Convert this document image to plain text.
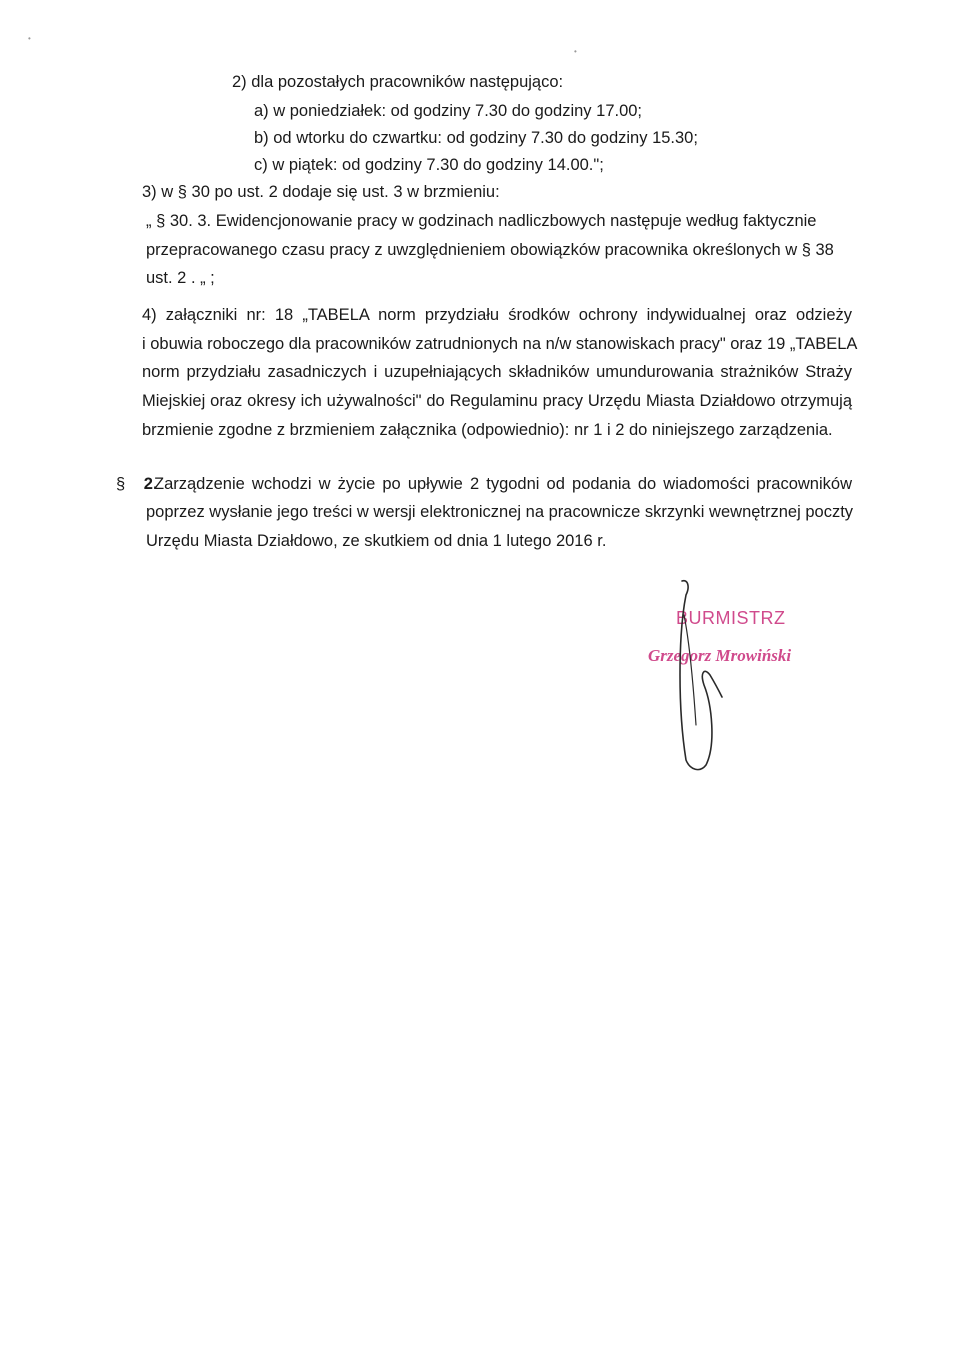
•
•
2) dla pozostałych pracowników następująco:
a) w poniedziałek: od godziny 7.30 do godziny 17.00;
b) od wtorku do czwartku: od godziny 7.30 do godziny 15.30;
c) w piątek: od godziny 7.30 do godziny 14.00.";
3) w § 30 po ust. 2 dodaje się ust. 3 w brzmieniu:
„ § 30. 3. Ewidencjonowanie pracy w godzinach nadliczbowych następuje według faktycznie
przepracowanego czasu pracy z uwzględnieniem obowiązków pracownika określonych w § 38
ust. 2 . „ ;
4) załączniki nr: 18 „TABELA norm przydziału środków ochrony indywidualnej oraz odzieży
i obuwia roboczego dla pracowników zatrudnionych na n/w stanowiskach pracy" oraz 19 „TABELA
norm przydziału zasadniczych i uzupełniających składników umundurowania strażników Straży
Miejskiej oraz okresy ich używalności" do Regulaminu pracy Urzędu Miasta Działdowo otrzymują
brzmienie zgodne z brzmieniem załącznika (odpowiednio): nr 1 i 2 do niniejszego zarządzenia.
§ 2.
Zarządzenie wchodzi w życie po upływie 2 tygodni od podania do wiadomości pracowników
poprzez wysłanie jego treści w wersji elektronicznej na pracownicze skrzynki wewnętrznej poczty
Urzędu Miasta Działdowo, ze skutkiem od dnia 1 lutego 2016 r.
BURMISTRZ
Grzegorz Mrowiński
